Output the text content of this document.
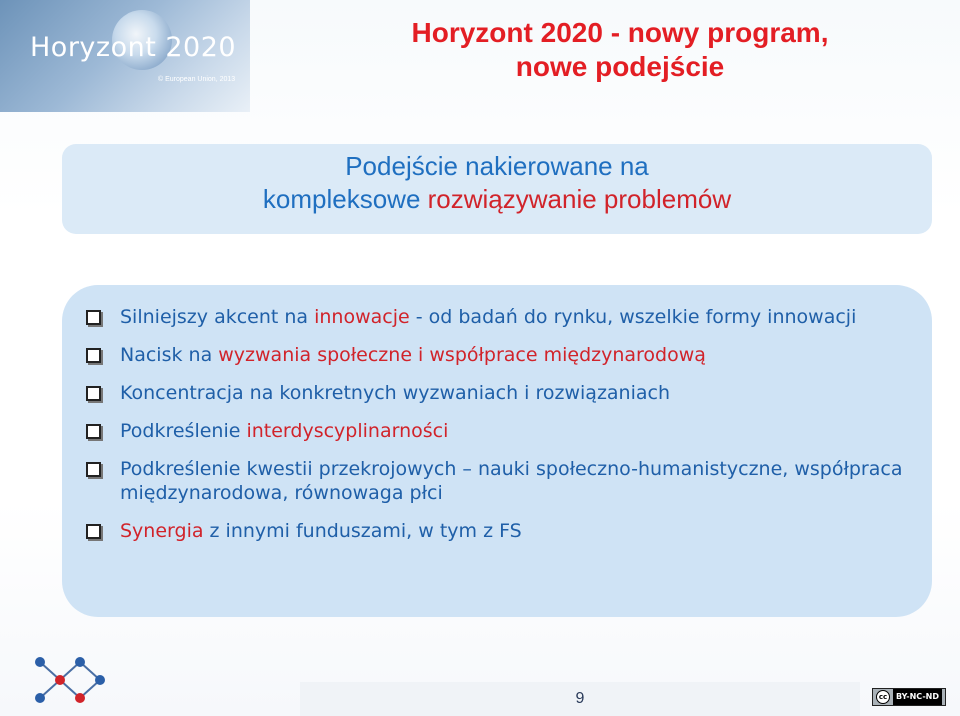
Horyzont 2020
© European Union, 2013
Horyzont 2020 - nowy program,
nowe podejście
Podejście nakierowane na
kompleksowe rozwiązywanie problemów
Silniejszy akcent na innowacje - od badań do rynku, wszelkie formy innowacji
Nacisk na wyzwania społeczne i współprace międzynarodową
Koncentracja na konkretnych wyzwaniach i rozwiązaniach
Podkreślenie interdyscyplinarności
Podkreślenie kwestii przekrojowych – nauki społeczno-humanistyczne, współpraca międzynarodowa, równowaga płci
Synergia z innymi funduszami, w tym z FS
9	cc	BY-NC-ND
